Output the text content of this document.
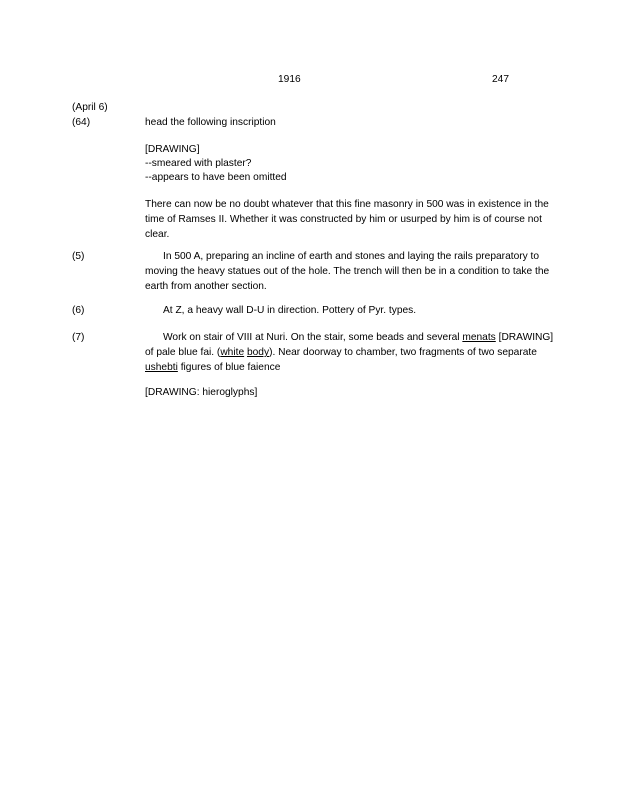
1916	247
(April 6)
(64)	head the following inscription
[DRAWING]
--smeared with plaster?
--appears to have been omitted
There can now be no doubt whatever that this fine masonry in 500 was in existence in the time of Ramses II. Whether it was constructed by him or usurped by him is of course not clear.
(5)	In 500 A, preparing an incline of earth and stones and laying the rails preparatory to moving the heavy statues out of the hole. The trench will then be in a condition to take the earth from another section.
(6)	At Z, a heavy wall D-U in direction. Pottery of Pyr. types.
(7)	Work on stair of VIII at Nuri. On the stair, some beads and several menats [DRAWING] of pale blue fai. (white body). Near doorway to chamber, two fragments of two separate ushebti figures of blue faience
[DRAWING: hieroglyphs]
